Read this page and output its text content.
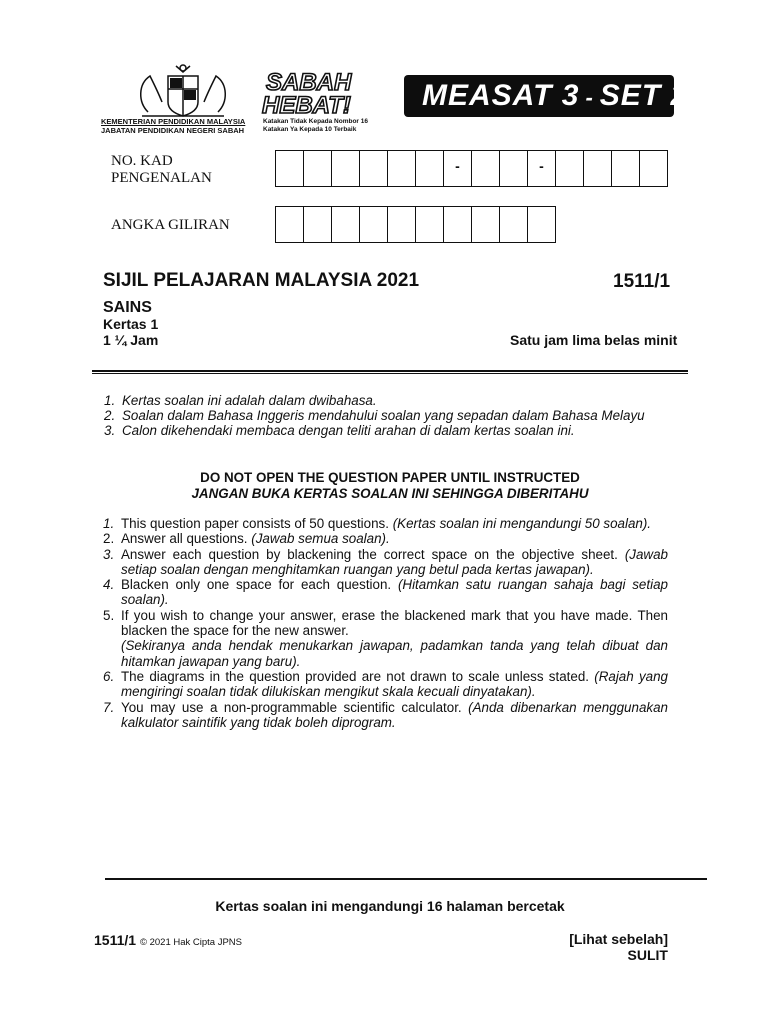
KEMENTERIAN PENDIDIKAN MALAYSIA
JABATAN PENDIDIKAN NEGERI SABAH
SABAH
HEBAT!
Katakan Tidak Kepada Nombor 16
Katakan Ya Kepada 10 Terbaik
MEASAT 3 - SET 2
NO. KAD PENGENALAN
-	-
ANGKA GILIRAN
SIJIL PELAJARAN MALAYSIA 2021	1511/1
SAINS
Kertas 1
1 ¼ Jam	Satu jam lima belas minit
1. Kertas soalan ini adalah dalam dwibahasa.
2. Soalan dalam Bahasa Inggeris mendahului soalan yang sepadan dalam Bahasa Melayu
3. Calon dikehendaki membaca dengan teliti arahan di dalam kertas soalan ini.
DO NOT OPEN THE QUESTION PAPER UNTIL INSTRUCTED
JANGAN BUKA KERTAS SOALAN INI SEHINGGA DIBERITAHU
1. This question paper consists of 50 questions. (Kertas soalan ini mengandungi 50 soalan).
2. Answer all questions. (Jawab semua soalan).
3. Answer each question by blackening the correct space on the objective sheet. (Jawab setiap soalan dengan menghitamkan ruangan yang betul pada kertas jawapan).
4. Blacken only one space for each question. (Hitamkan satu ruangan sahaja bagi setiap soalan).
5. If you wish to change your answer, erase the blackened mark that you have made. Then blacken the space for the new answer.
(Sekiranya anda hendak menukarkan jawapan, padamkan tanda yang telah dibuat dan hitamkan jawapan yang baru).
6. The diagrams in the question provided are not drawn to scale unless stated. (Rajah yang mengiringi soalan tidak dilukiskan mengikut skala kecuali dinyatakan).
7. You may use a non-programmable scientific calculator. (Anda dibenarkan menggunakan kalkulator saintifik yang tidak boleh diprogram.
Kertas soalan ini mengandungi 16 halaman bercetak
1511/1 © 2021 Hak Cipta JPNS	[Lihat sebelah]
SULIT
